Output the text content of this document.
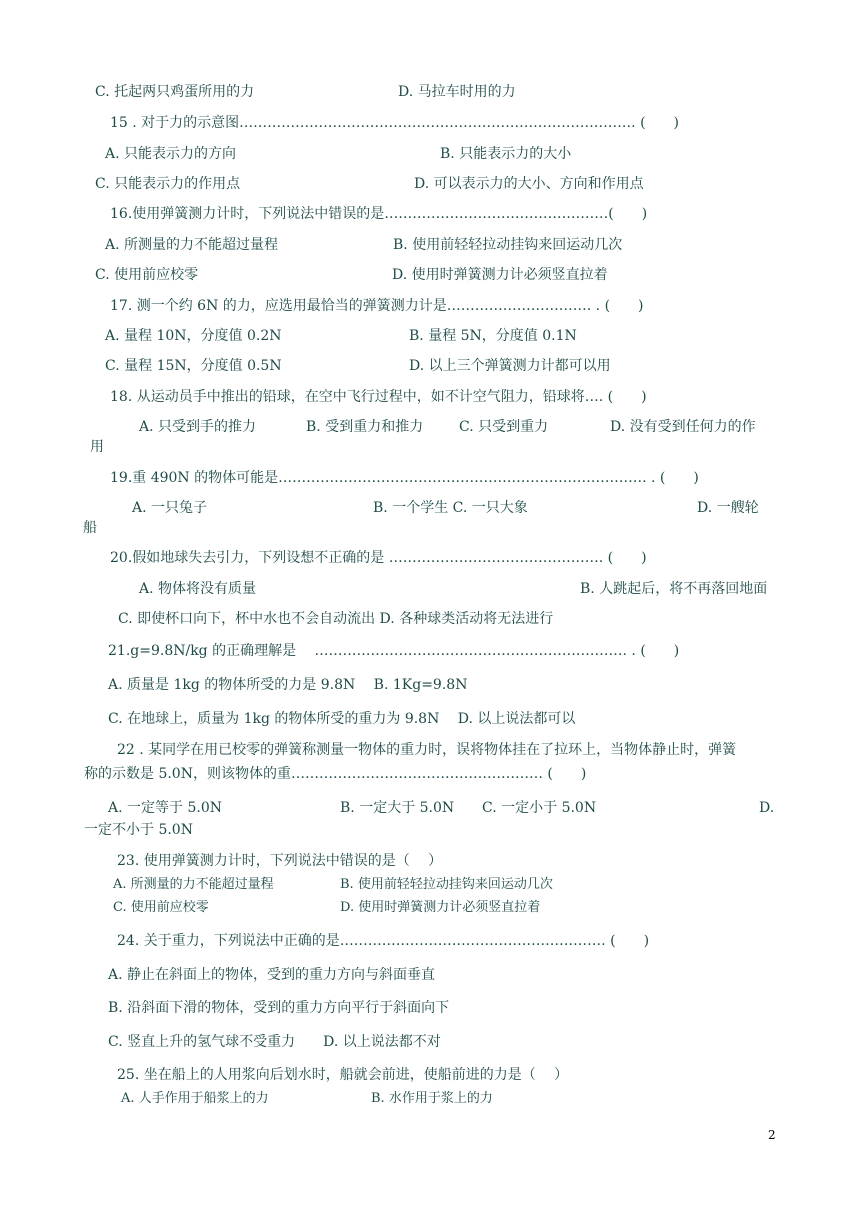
C. 托起两只鸡蛋所用的力	D. 马拉车时用的力
15 . 对于力的示意图…………………………………………………………………………. (　　)
A. 只能表示力的方向	B. 只能表示力的大小
C. 只能表示力的作用点	D. 可以表示力的大小、方向和作用点
16.使用弹簧测力计时，下列说法中错误的是…………………………………………(　　)
A. 所测量的力不能超过量程	B. 使用前轻轻拉动挂钩来回运动几次
C. 使用前应校零	D. 使用时弹簧测力计必须竖直拉着
17. 测一个约 6N 的力，应选用最恰当的弹簧测力计是…………………………. . (　　)
A. 量程 10N，分度值 0.2N	B. 量程 5N，分度值 0.1N
C. 量程 15N，分度值 0.5N	D. 以上三个弹簧测力计都可以用
18. 从运动员手中推出的铅球，在空中飞行过程中，如不计空气阻力，铅球将…. (　　)
A. 只受到手的推力	B. 受到重力和推力	C. 只受到重力	D. 没有受到任何力的作
用
19.重 490N 的物体可能是……………………………………………………………………. . (　　)
A. 一只兔子	B. 一个学生 C. 一只大象	D. 一艘轮
船
20.假如地球失去引力，下列设想不正确的是 ………………………………………. (　　)
A. 物体将没有质量	B. 人跳起后，将不再落回地面
C. 即使杯口向下，杯中水也不会自动流出 D. 各种球类活动将无法进行
21.g=9.8N/kg 的正确理解是　 …………………………………………………………. . (　　)
A. 质量是 1kg 的物体所受的力是 9.8N　 B. 1Kg=9.8N
C. 在地球上，质量为 1kg 的物体所受的重力为 9.8N　 D. 以上说法都可以
22 . 某同学在用已校零的弹簧称测量一物体的重力时，误将物体挂在了拉环上，当物体静止时，弹簧
称的示数是 5.0N，则该物体的重……………………………………………… (　　)
A. 一定等于 5.0N	B. 一定大于 5.0N C. 一定小于 5.0N	D.
一定不小于 5.0N
23. 使用弹簧测力计时，下列说法中错误的是（　 ）
A. 所测量的力不能超过量程	B. 使用前轻轻拉动挂钩来回运动几次
C. 使用前应校零	D. 使用时弹簧测力计必须竖直拉着
24. 关于重力，下列说法中正确的是………………………………………………… (　　)
A. 静止在斜面上的物体，受到的重力方向与斜面垂直
B. 沿斜面下滑的物体，受到的重力方向平行于斜面向下
C. 竖直上升的氢气球不受重力　　D. 以上说法都不对
25. 坐在船上的人用浆向后划水时，船就会前进，使船前进的力是（　 ）
A. 人手作用于船浆上的力	B. 水作用于浆上的力
2
